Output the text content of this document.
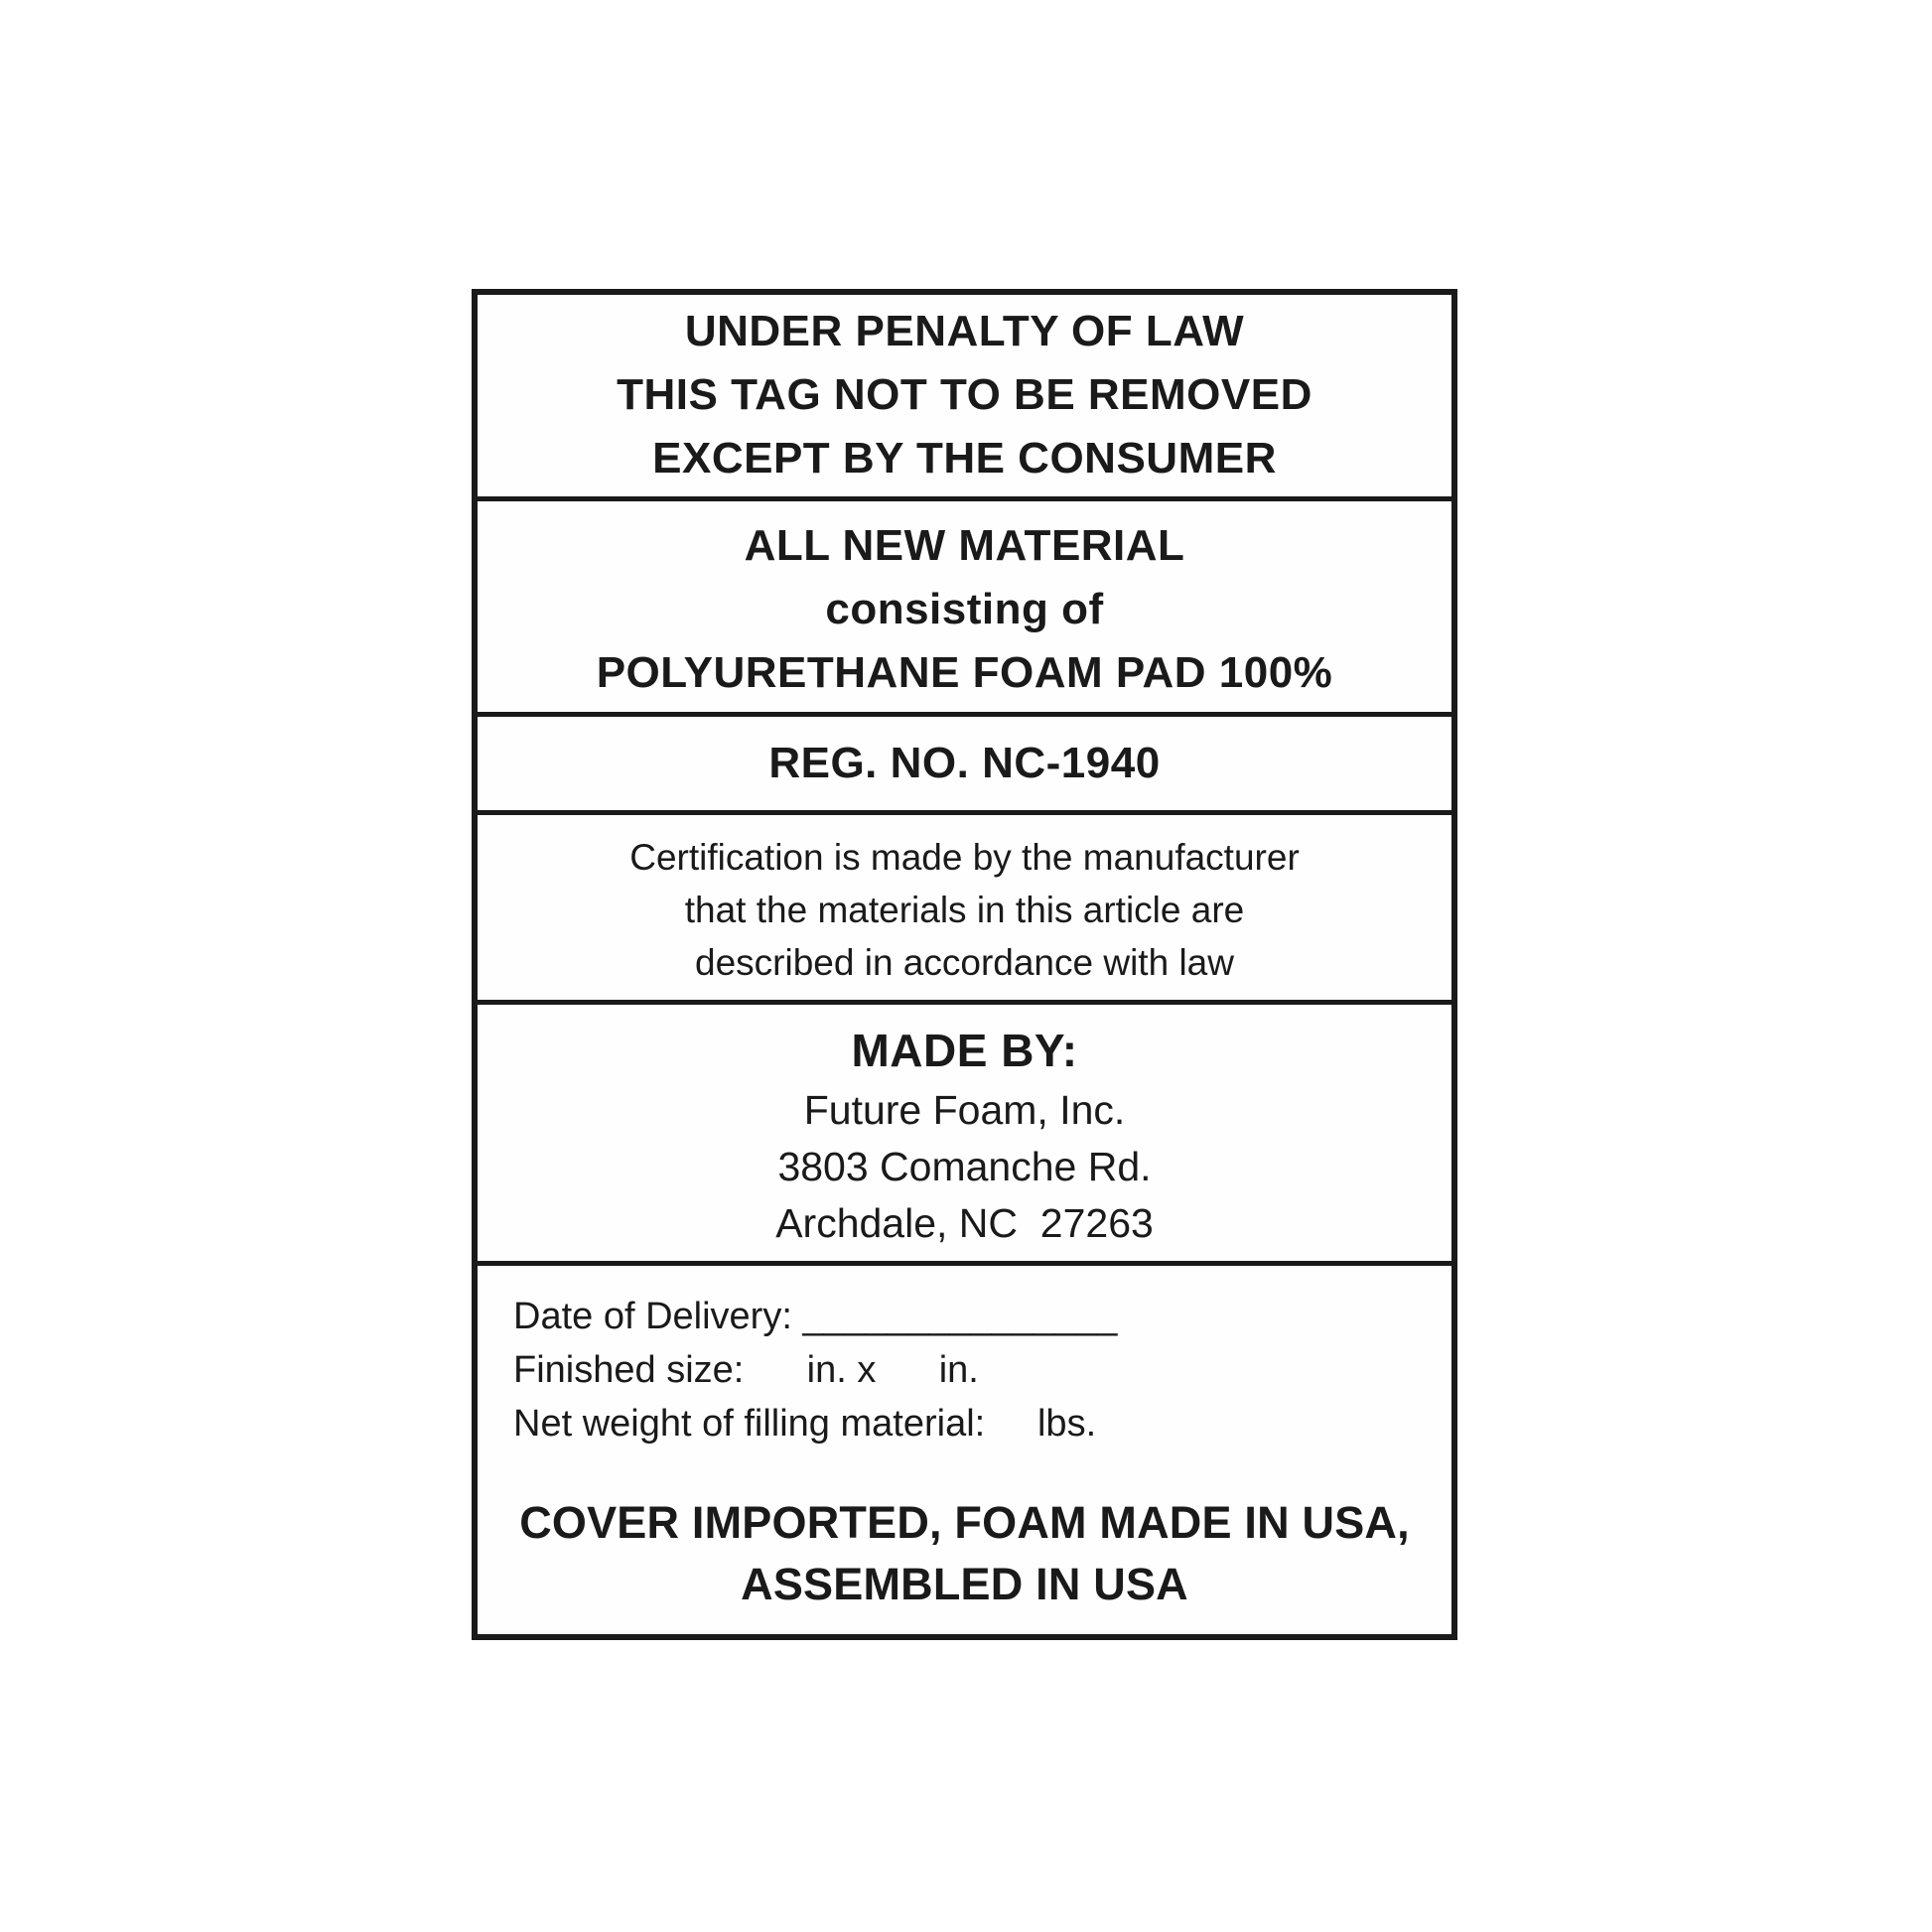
UNDER PENALTY OF LAW
THIS TAG NOT TO BE REMOVED
EXCEPT BY THE CONSUMER
ALL NEW MATERIAL
consisting of
POLYURETHANE FOAM PAD 100%
REG. NO. NC-1940
Certification is made by the manufacturer
that the materials in this article are
described in accordance with law
MADE BY:
Future Foam, Inc.
3803 Comanche Rd.
Archdale, NC  27263
Date of Delivery: _______________
Finished size:      in. x      in.
Net weight of filling material:     lbs.
COVER IMPORTED, FOAM MADE IN USA,
ASSEMBLED IN USA
